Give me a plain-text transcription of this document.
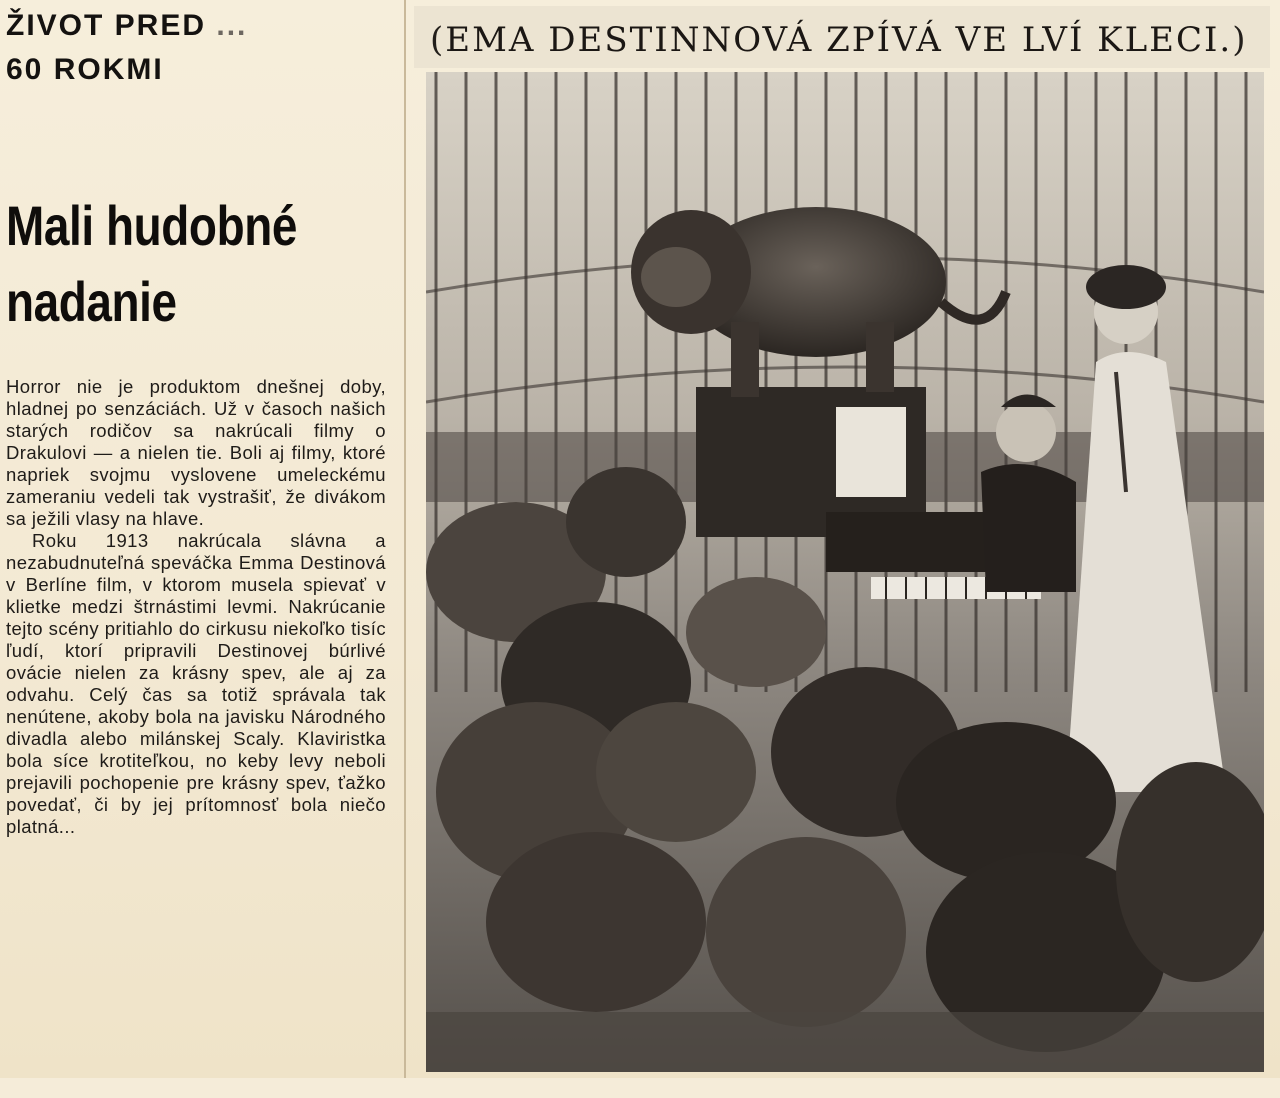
ŽIVOT PRED ...
60 ROKMI
Mali hudobné
nadanie

Horror nie je produktom dnešnej doby, hladnej po senzáciách. Už v časoch našich starých rodičov sa nakrúcali filmy o Drakulovi — a nielen tie. Boli aj filmy, ktoré napriek svojmu vyslovene umeleckému zameraniu vedeli tak vystrašiť, že divákom sa ježili vlasy na hlave.

Roku 1913 nakrúcala slávna a nezabudnuteľná speváčka Emma Destinová v Berlíne film, v ktorom musela spievať v klietke medzi štrnástimi levmi. Nakrúcanie tejto scény pritiahlo do cirkusu niekoľko tisíc ľudí, ktorí pripravili Destinovej búrlivé ovácie nielen za krásny spev, ale aj za odvahu. Celý čas sa totiž správala tak nenútene, akoby bola na javisku Národného divadla alebo milánskej Scaly. Klaviristka bola síce krotiteľkou, no keby levy neboli prejavili pochopenie pre krásny spev, ťažko povedať, či by jej prítomnosť bola niečo platná...

(EMA DESTINNOVÁ ZPÍVÁ VE LVÍ KLECI.)
